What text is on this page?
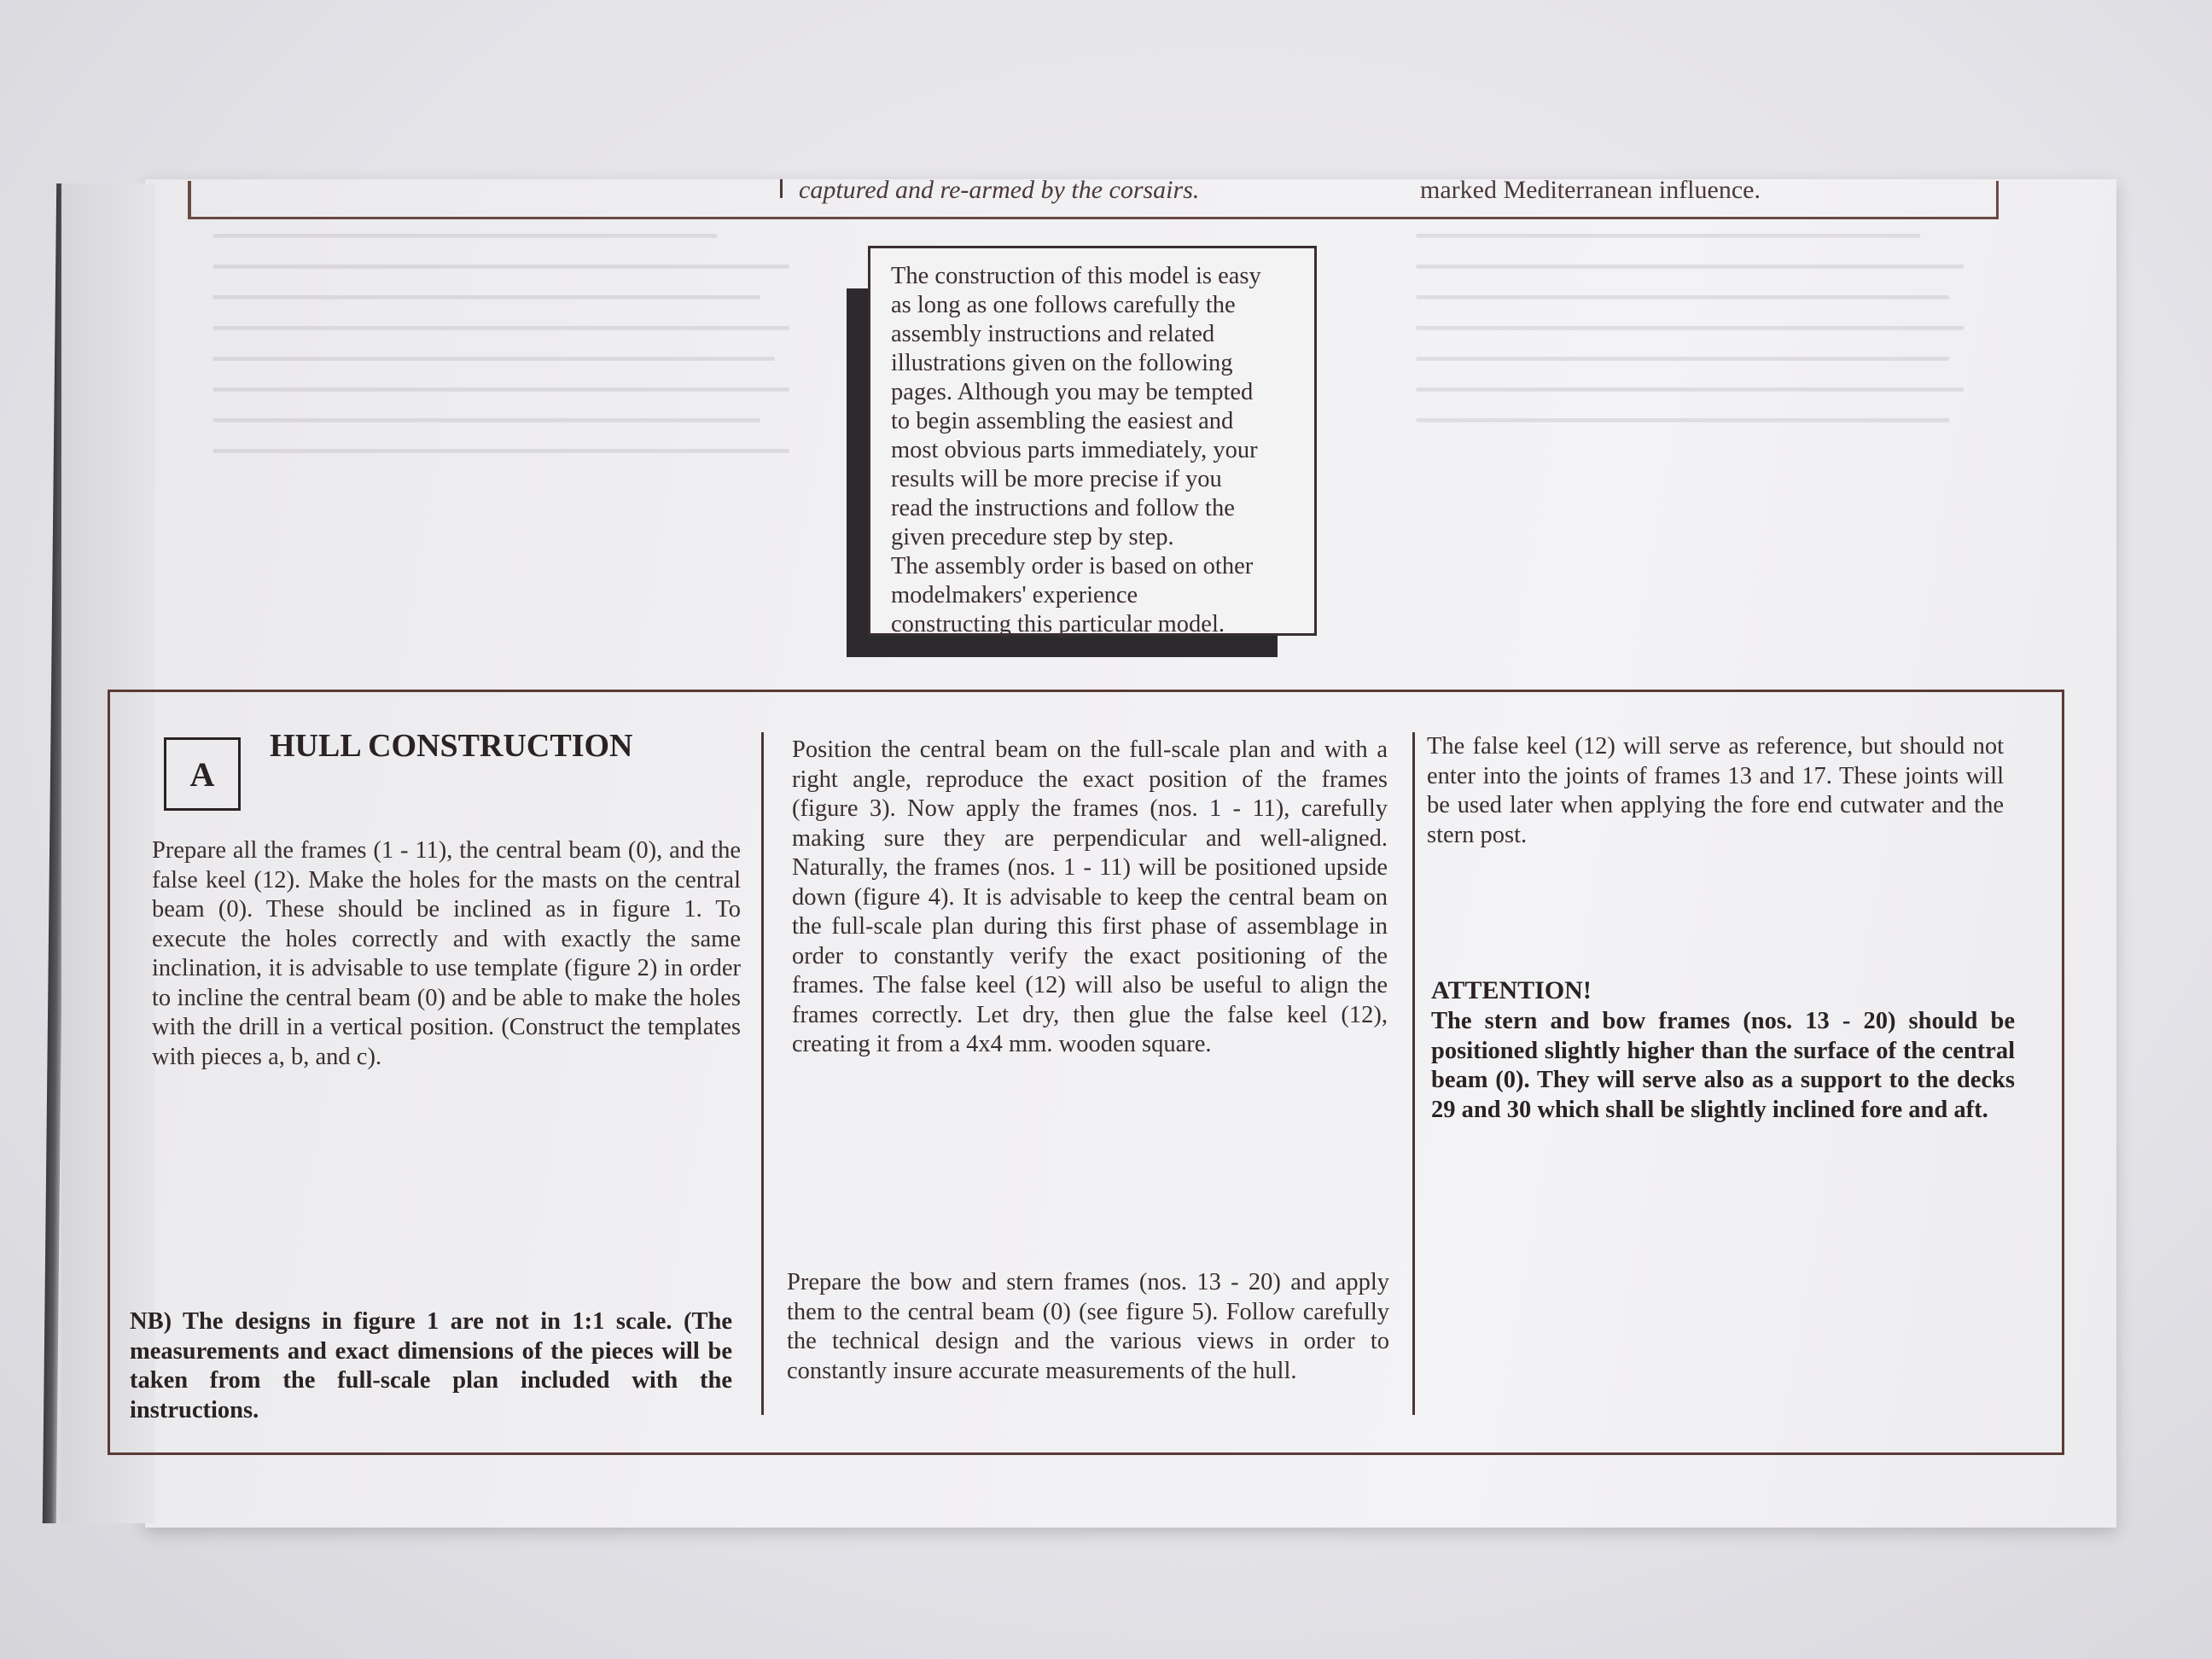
━━━━━━━━━━━━━━━━━━━━━━━━━━━━━━━━━━━
━━━━━━━━━━━━━━━━━━━━━━━━━━━━━━━━━━━━━━━━
━━━━━━━━━━━━━━━━━━━━━━━━━━━━━━━━━━━━━━
━━━━━━━━━━━━━━━━━━━━━━━━━━━━━━━━━━━━━━━━
━━━━━━━━━━━━━━━━━━━━━━━━━━━━━━━━━━━━━━━
━━━━━━━━━━━━━━━━━━━━━━━━━━━━━━━━━━━━━━━━
━━━━━━━━━━━━━━━━━━━━━━━━━━━━━━━━━━━━━━
━━━━━━━━━━━━━━━━━━━━━━━━━━━━━━━━━━━━━━━━
━━━━━━━━━━━━━━━━━━━━━━━━━━━━━━━━━━━
━━━━━━━━━━━━━━━━━━━━━━━━━━━━━━━━━━━━━━
━━━━━━━━━━━━━━━━━━━━━━━━━━━━━━━━━━━━━
━━━━━━━━━━━━━━━━━━━━━━━━━━━━━━━━━━━━━━
━━━━━━━━━━━━━━━━━━━━━━━━━━━━━━━━━━━━━
━━━━━━━━━━━━━━━━━━━━━━━━━━━━━━━━━━━━━━
━━━━━━━━━━━━━━━━━━━━━━━━━━━━━━━━━━━━━
captured and re-armed by the corsairs.	marked Mediterranean influence.

The construction of this model is easy

as long as one follows carefully the

assembly instructions and related

illustrations given on the following

pages. Although you may be tempted

to begin assembling the easiest and

most obvious parts immediately, your

results will be more precise if you

read the instructions and follow the

given precedure step by step.

The assembly order is based on other

modelmakers' experience

constructing this particular model.

A
HULL CONSTRUCTION

Prepare all the frames (1 - 11), the central beam (0), and the false keel (12). Make the holes for the masts on the central beam (0). These should be inclined as in figure 1. To execute the holes correctly and with exactly the same inclination, it is advisable to use template (figure 2) in order to incline the central beam (0) and be able to make the holes with the drill in a vertical position. (Construct the templates with pieces a, b, and c).

NB) The designs in figure 1 are not in 1:1 scale. (The measurements and exact dimensions of the pieces will be taken from the full-scale plan included with the instructions.

Position the central beam on the full-scale plan and with a right angle, reproduce the exact position of the frames (figure 3). Now apply the frames (nos. 1 - 11), carefully making sure they are perpendicular and well-aligned. Naturally, the frames (nos. 1 - 11) will be positioned upside down (figure 4). It is advisable to keep the central beam on the full-scale plan during this first phase of assemblage in order to constantly verify the exact positioning of the frames. The false keel (12) will also be useful to align the frames correctly. Let dry, then glue the false keel (12), creating it from a 4x4 mm. wooden square.

Prepare the bow and stern frames (nos. 13 - 20) and apply them to the central beam (0) (see figure 5). Follow carefully the technical design and the various views in order to constantly insure accurate measurements of the hull.

The false keel (12) will serve as reference, but should not enter into the joints of frames 13 and 17. These joints will be used later when applying the fore end cutwater and the stern post.

ATTENTION!

The stern and bow frames (nos. 13 - 20) should be positioned slightly higher than the surface of the central beam (0). They will serve also as a support to the decks 29 and 30 which shall be slightly inclined fore and aft.
